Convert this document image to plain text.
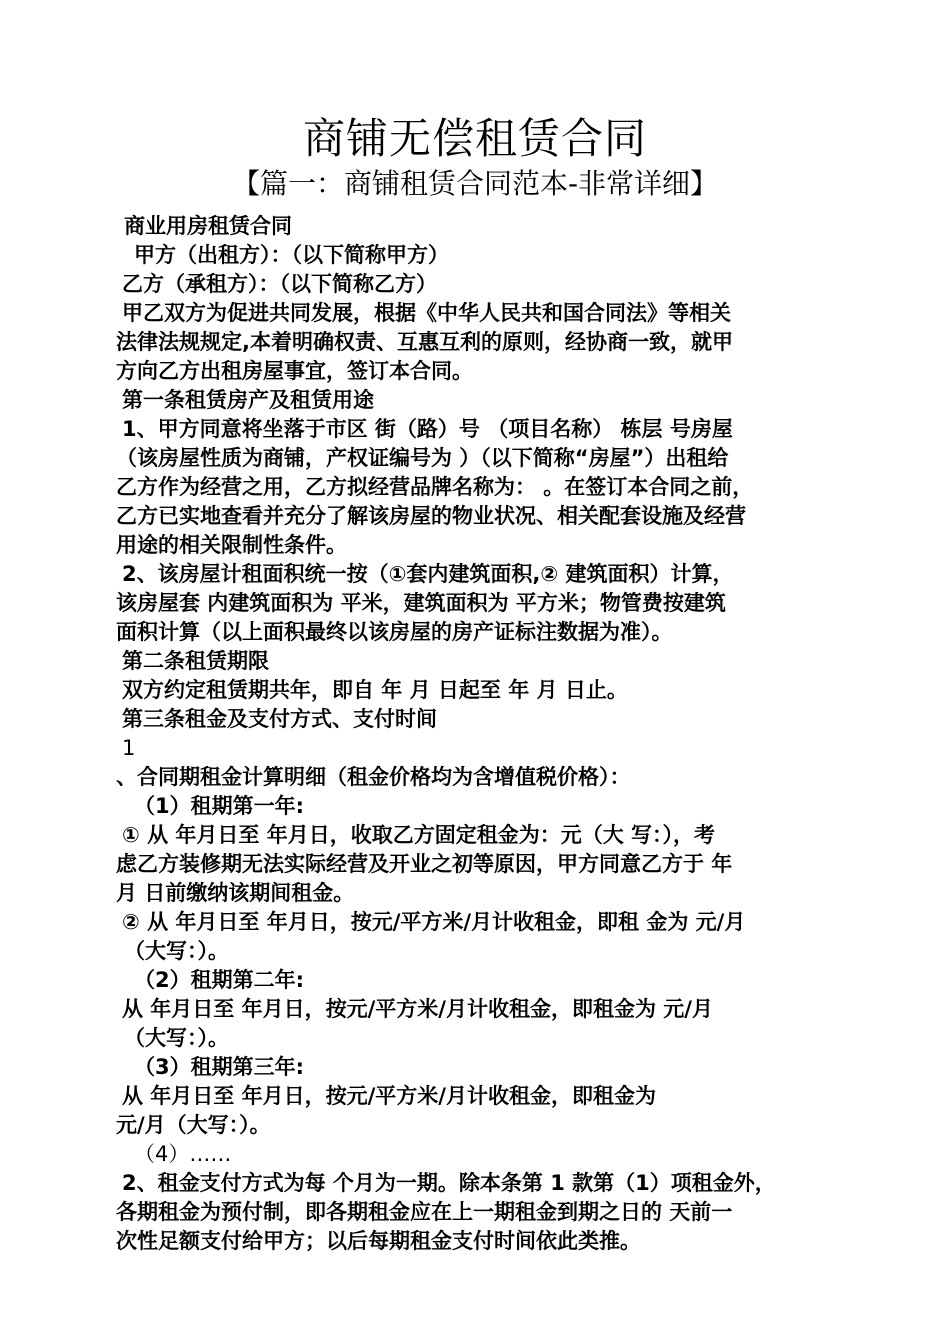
商铺无偿租赁合同
【篇一：商铺租赁合同范本-非常详细】
商业用房租赁合同
甲方（出租方）：（以下简称甲方）
乙方（承租方）：（以下简称乙方）
甲乙双方为促进共同发展，根据《中华人民共和国合同法》等相关
法律法规规定,本着明确权责、互惠互利的原则，经协商一致，就甲
方向乙方出租房屋事宜，签订本合同。
第一条租赁房产及租赁用途
1、甲方同意将坐落于市区 街（路）号 （项目名称） 栋层 号房屋
（该房屋性质为商铺，产权证编号为 ）（以下简称“房屋”）出租给
乙方作为经营之用，乙方拟经营品牌名称为： 。在签订本合同之前，
乙方已实地查看并充分了解该房屋的物业状况、相关配套设施及经营
用途的相关限制性条件。
2、该房屋计租面积统一按（①套内建筑面积,② 建筑面积）计算，
该房屋套 内建筑面积为 平米，建筑面积为 平方米；物管费按建筑
面积计算（以上面积最终以该房屋的房产证标注数据为准）。
第二条租赁期限
双方约定租赁期共年，即自 年 月 日起至 年 月 日止。
第三条租金及支付方式、支付时间
1
、合同期租金计算明细（租金价格均为含增值税价格）：
（1）租期第一年:
① 从 年月日至 年月日，收取乙方固定租金为：元（大 写：），考
虑乙方装修期无法实际经营及开业之初等原因，甲方同意乙方于 年
月 日前缴纳该期间租金。
② 从 年月日至 年月日，按元/平方米/月计收租金，即租 金为 元/月
（大写：）。
（2）租期第二年:
从 年月日至 年月日，按元/平方米/月计收租金，即租金为 元/月
（大写：）。
（3）租期第三年:
从 年月日至 年月日，按元/平方米/月计收租金，即租金为
元/月（大写：）。
（4）……
2、租金支付方式为每 个月为一期。除本条第 1 款第（1）项租金外，
各期租金为预付制，即各期租金应在上一期租金到期之日的 天前一
次性足额支付给甲方；以后每期租金支付时间依此类推。
